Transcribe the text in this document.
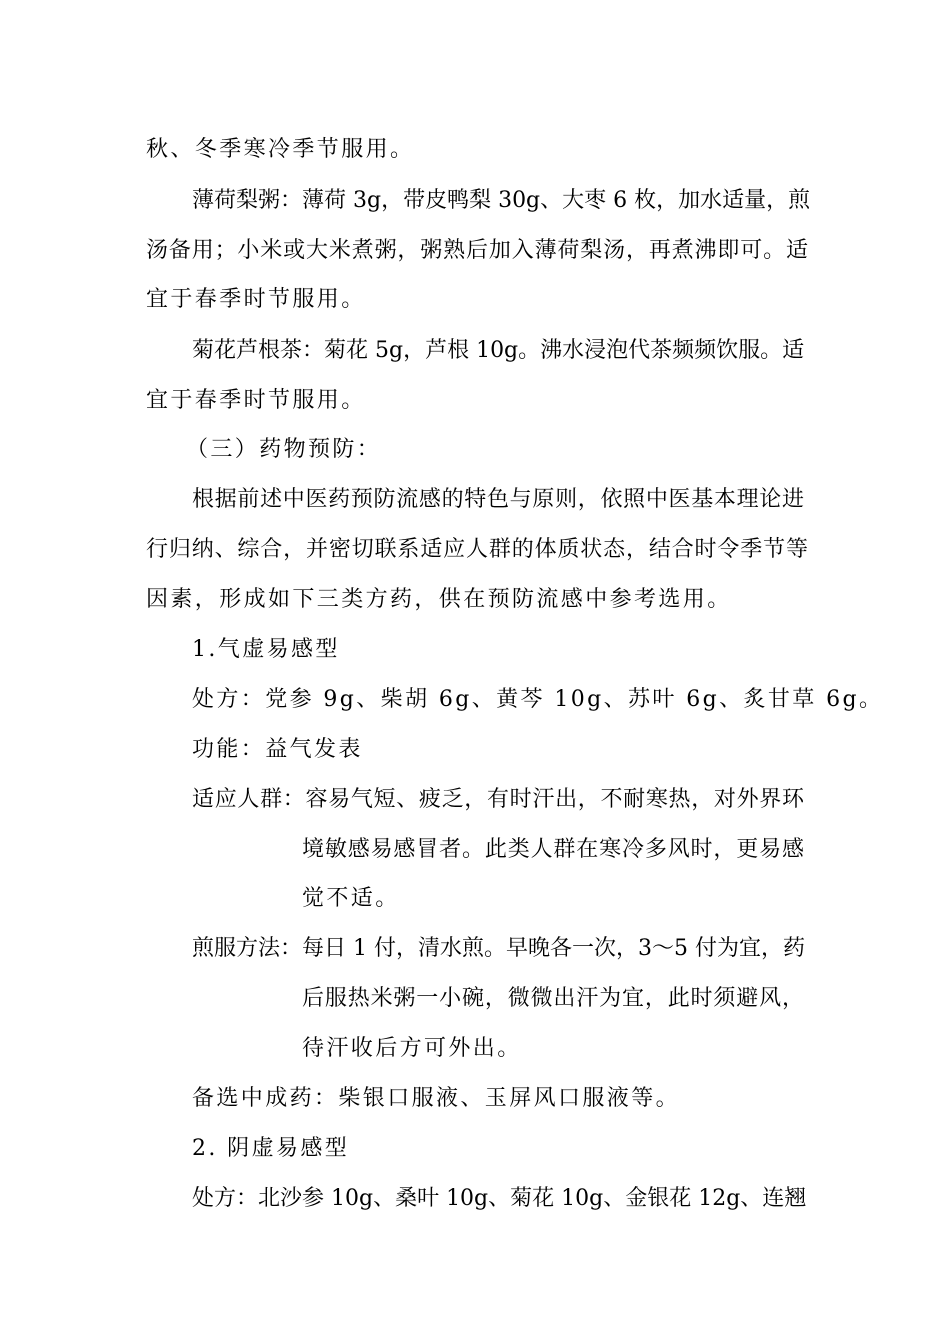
秋、冬季寒冷季节服用。
薄荷梨粥：薄荷 3g，带皮鸭梨 30g、大枣 6 枚，加水适量，煎
汤备用；小米或大米煮粥，粥熟后加入薄荷梨汤，再煮沸即可。适
宜于春季时节服用。
菊花芦根茶：菊花 5g，芦根 10g。沸水浸泡代茶频频饮服。适
宜于春季时节服用。
（三）药物预防：
根据前述中医药预防流感的特色与原则，依照中医基本理论进
行归纳、综合，并密切联系适应人群的体质状态，结合时令季节等
因素，形成如下三类方药，供在预防流感中参考选用。
1.气虚易感型
处方：党参 9g、柴胡 6g、黄芩 10g、苏叶 6g、炙甘草 6g。
功能：益气发表
适应人群：容易气短、疲乏，有时汗出，不耐寒热，对外界环
境敏感易感冒者。此类人群在寒冷多风时，更易感
觉不适。
煎服方法：每日 1 付，清水煎。早晚各一次，3～5 付为宜，药
后服热米粥一小碗，微微出汗为宜，此时须避风，
待汗收后方可外出。
备选中成药：柴银口服液、玉屏风口服液等。
2. 阴虚易感型
处方：北沙参 10g、桑叶 10g、菊花 10g、金银花 12g、连翘
